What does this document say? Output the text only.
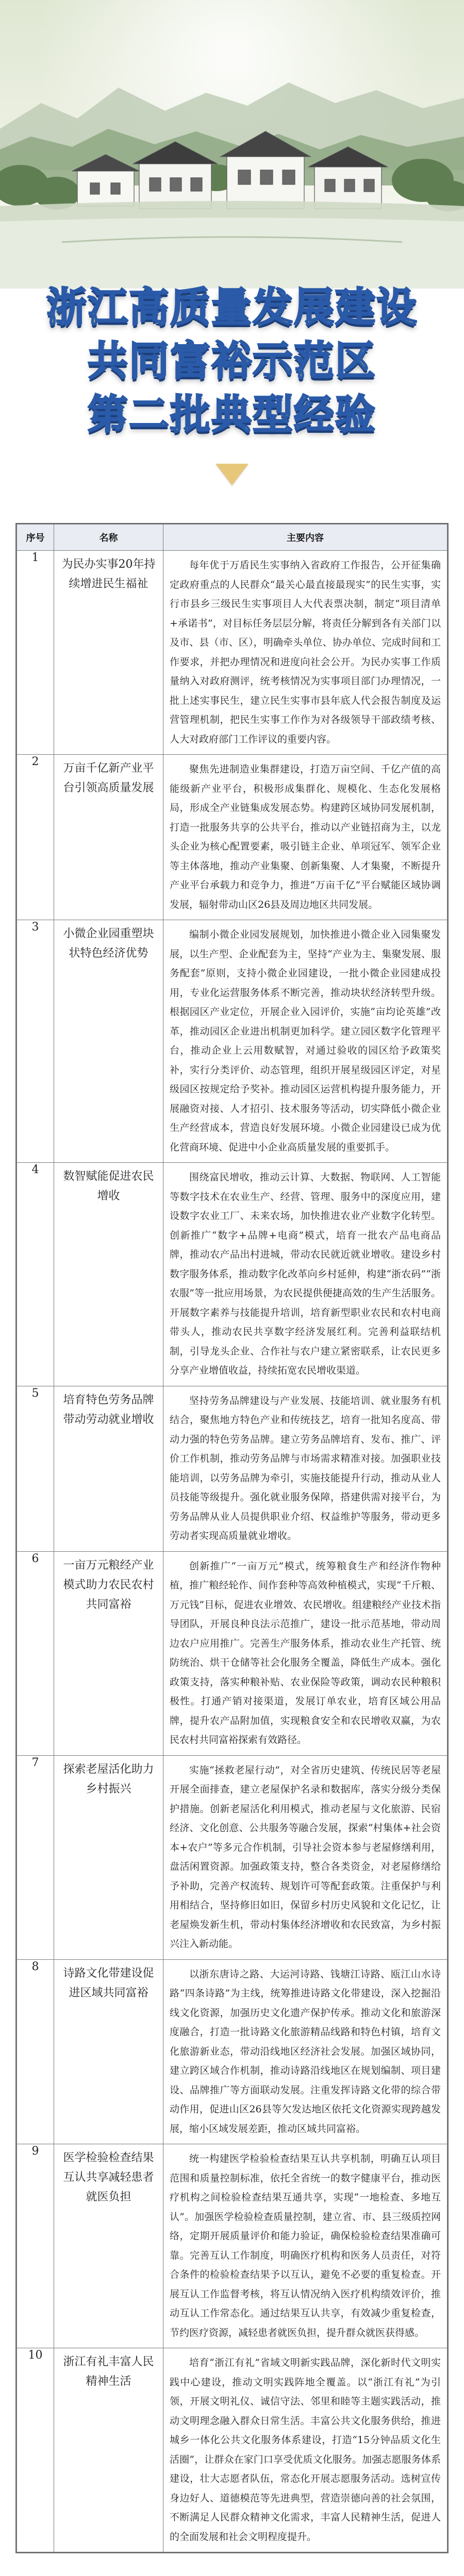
浙江高质量发展建设
共同富裕示范区
第二批典型经验
序号	名称	主要内容
1	为民办实事20年持续增进民生福祉	每年优于万盾民生实事纳入省政府工作报告，公开征集确定政府重点的人民群众“最关心最直接最现实”的民生实事，实行市县乡三级民生实事项目人大代表票决制，制定“项目清单+承诺书”，对目标任务层层分解，将责任分解到各有关部门以及市、县（市、区），明确牵头单位、协办单位、完成时间和工作要求，并把办理情况和进度向社会公开。为民办实事工作质量纳入对政府测评，统考核情况为实事项目部门办理情况，一批上述实事民生，建立民生实事市县年底人代会报告制度及运营管理机制，把民生实事工作作为对各级领导干部政绩考核、人大对政府部门工作评议的重要内容。
2	万亩千亿新产业平台引领高质量发展	聚焦先进制造业集群建设，打造万亩空间、千亿产值的高能级新产业平台，积极形成集群化、规模化、生态化发展格局，形成全产业链集成发展态势。构建跨区域协同发展机制，打造一批服务共享的公共平台，推动以产业链招商为主，以龙头企业为核心配置要素，吸引链主企业、单项冠军、领军企业等主体落地，推动产业集聚、创新集聚、人才集聚，不断提升产业平台承载力和竞争力，推进“万亩千亿”平台赋能区域协调发展，辐射带动山区26县及周边地区共同发展。
3	小微企业园重塑块状特色经济优势	编制小微企业园发展规划，加快推进小微企业入园集聚发展，以生产型、企业配套为主，坚持“产业为主、集聚发展、服务配套”原则，支持小微企业园建设，一批小微企业园建成投用，专业化运营服务体系不断完善，推动块状经济转型升级。根据园区产业定位，开展企业入园评价，实施“亩均论英雄”改革，推动园区企业进出机制更加科学。建立园区数字化管理平台，推动企业上云用数赋智，对通过验收的园区给予政策奖补，实行分类评价、动态管理，组织开展星级园区评定，对星级园区按规定给予奖补。推动园区运营机构提升服务能力，开展融资对接、人才招引、技术服务等活动，切实降低小微企业生产经营成本，营造良好发展环境。小微企业园建设已成为优化营商环境、促进中小企业高质量发展的重要抓手。
4	数智赋能促进农民增收	围绕富民增收，推动云计算、大数据、物联网、人工智能等数字技术在农业生产、经营、管理、服务中的深度应用，建设数字农业工厂、未来农场，加快推进农业产业数字化转型。创新推广“数字+品牌+电商”模式，培育一批农产品电商品牌，推动农产品出村进城，带动农民就近就业增收。建设乡村数字服务体系，推动数字化改革向乡村延伸，构建“浙农码”“浙农服”等一批应用场景，为农民提供便捷高效的生产生活服务。开展数字素养与技能提升培训，培育新型职业农民和农村电商带头人，推动农民共享数字经济发展红利。完善利益联结机制，引导龙头企业、合作社与农户建立紧密联系，让农民更多分享产业增值收益，持续拓宽农民增收渠道。
5	培育特色劳务品牌带动劳动就业增收	坚持劳务品牌建设与产业发展、技能培训、就业服务有机结合，聚焦地方特色产业和传统技艺，培育一批知名度高、带动力强的特色劳务品牌。建立劳务品牌培育、发布、推广、评价工作机制，推动劳务品牌与市场需求精准对接。加强职业技能培训，以劳务品牌为牵引，实施技能提升行动，推动从业人员技能等级提升。强化就业服务保障，搭建供需对接平台，为劳务品牌从业人员提供职业介绍、权益维护等服务，带动更多劳动者实现高质量就业增收。
6	一亩万元粮经产业模式助力农民农村共同富裕	创新推广“一亩万元”模式，统筹粮食生产和经济作物种植，推广粮经轮作、间作套种等高效种植模式，实现“千斤粮、万元钱”目标，促进农业增效、农民增收。组建粮经产业技术指导团队，开展良种良法示范推广，建设一批示范基地，带动周边农户应用推广。完善生产服务体系，推动农业生产托管、统防统治、烘干仓储等社会化服务全覆盖，降低生产成本。强化政策支持，落实种粮补贴、农业保险等政策，调动农民种粮积极性。打通产销对接渠道，发展订单农业，培育区域公用品牌，提升农产品附加值，实现粮食安全和农民增收双赢，为农民农村共同富裕探索有效路径。
7	探索老屋活化助力乡村振兴	实施“拯救老屋行动”，对全省历史建筑、传统民居等老屋开展全面排查，建立老屋保护名录和数据库，落实分级分类保护措施。创新老屋活化利用模式，推动老屋与文化旅游、民宿经济、文化创意、公共服务等融合发展，探索“村集体+社会资本+农户”等多元合作机制，引导社会资本参与老屋修缮利用，盘活闲置资源。加强政策支持，整合各类资金，对老屋修缮给予补助，完善产权流转、规划许可等配套政策。注重保护与利用相结合，坚持修旧如旧，保留乡村历史风貌和文化记忆，让老屋焕发新生机，带动村集体经济增收和农民致富，为乡村振兴注入新动能。
8	诗路文化带建设促进区域共同富裕	以浙东唐诗之路、大运河诗路、钱塘江诗路、瓯江山水诗路“四条诗路”为主线，统筹推进诗路文化带建设，深入挖掘沿线文化资源，加强历史文化遗产保护传承。推动文化和旅游深度融合，打造一批诗路文化旅游精品线路和特色村镇，培育文化旅游新业态，带动沿线地区经济社会发展。加强区域协同，建立跨区域合作机制，推动诗路沿线地区在规划编制、项目建设、品牌推广等方面联动发展。注重发挥诗路文化带的综合带动作用，促进山区26县等欠发达地区依托文化资源实现跨越发展，缩小区域发展差距，推动区域共同富裕。
9	医学检验检查结果互认共享减轻患者就医负担	统一构建医学检验检查结果互认共享机制，明确互认项目范围和质量控制标准，依托全省统一的数字健康平台，推动医疗机构之间检验检查结果互通共享，实现“一地检查、多地互认”。加强医学检验检查质量控制，建立省、市、县三级质控网络，定期开展质量评价和能力验证，确保检验检查结果准确可靠。完善互认工作制度，明确医疗机构和医务人员责任，对符合条件的检验检查结果予以互认，避免不必要的重复检查。开展互认工作监督考核，将互认情况纳入医疗机构绩效评价，推动互认工作常态化。通过结果互认共享，有效减少重复检查，节约医疗资源，减轻患者就医负担，提升群众就医获得感。
10	浙江有礼丰富人民精神生活	培育“浙江有礼”省域文明新实践品牌，深化新时代文明实践中心建设，推动文明实践阵地全覆盖。以“浙江有礼”为引领，开展文明礼仪、诚信守法、邻里和睦等主题实践活动，推动文明理念融入群众日常生活。丰富公共文化服务供给，推进城乡一体化公共文化服务体系建设，打造“15分钟品质文化生活圈”，让群众在家门口享受优质文化服务。加强志愿服务体系建设，壮大志愿者队伍，常态化开展志愿服务活动。选树宣传身边好人、道德模范等先进典型，营造崇德向善的社会氛围，不断满足人民群众精神文化需求，丰富人民精神生活，促进人的全面发展和社会文明程度提升。
